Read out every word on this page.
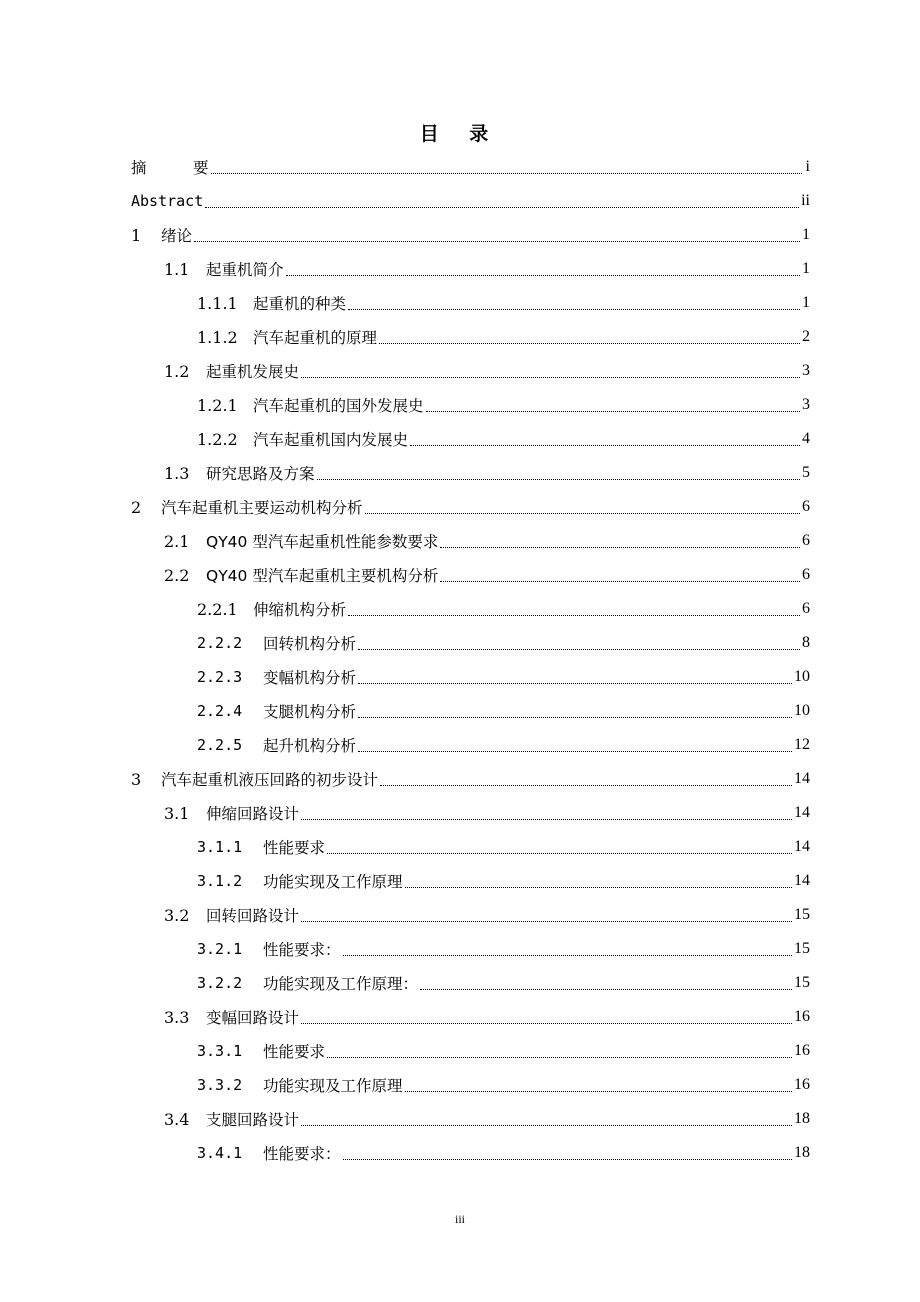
目 录
摘	要	i
Abstract	ii
1	绪论	1
1.1	起重机简介	1
1.1.1 起重机的种类	1
1.1.2 汽车起重机的原理	2
1.2	起重机发展史	3
1.2.1 汽车起重机的国外发展史	3
1.2.2 汽车起重机国内发展史	4
1.3	研究思路及方案	5
2	汽车起重机主要运动机构分析	6
2.1	QY40 型汽车起重机性能参数要求	6
2.2	QY40 型汽车起重机主要机构分析	6
2.2.1 伸缩机构分析	6
2.2.2	回转机构分析	8
2.2.3	变幅机构分析	10
2.2.4	支腿机构分析	10
2.2.5	起升机构分析	12
3	汽车起重机液压回路的初步设计	14
3.1	伸缩回路设计	14
3.1.1	性能要求	14
3.1.2	功能实现及工作原理	14
3.2	回转回路设计	15
3.2.1	性能要求：	15
3.2.2	功能实现及工作原理：	15
3.3	变幅回路设计	16
3.3.1	性能要求	16
3.3.2	功能实现及工作原理	16
3.4	支腿回路设计	18
3.4.1	性能要求：	18
iii
